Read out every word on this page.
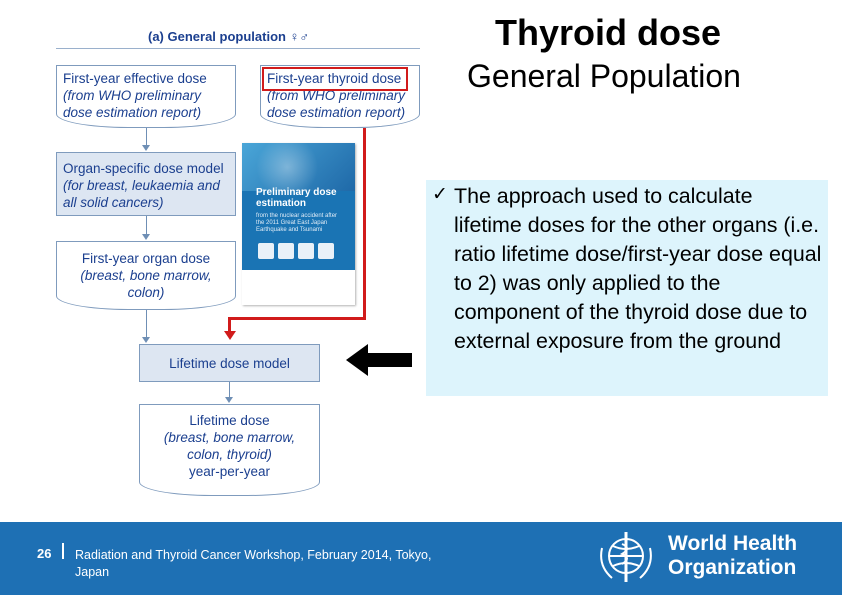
(a) General population ♀♂
First-year effective dose
(from WHO preliminary
dose estimation report)
First-year thyroid dose
(from WHO preliminary
dose estimation report)
Organ-specific dose model
(for breast, leukaemia and
all solid cancers)
First-year organ dose
(breast, bone marrow,
colon)
Preliminary dose estimation
from the nuclear accident after the 2011 Great East Japan Earthquake and Tsunami
Lifetime dose model
Lifetime dose
(breast, bone marrow,
colon, thyroid)
year-per-year
Thyroid dose
General Population
✓ The approach used to calculate lifetime doses for the other organs (i.e. ratio lifetime dose/first-year dose equal to 2) was only applied to the component of the thyroid dose due to external exposure from the ground
26 Radiation and Thyroid Cancer Workshop, February 2014, Tokyo, Japan
World Health
Organization
